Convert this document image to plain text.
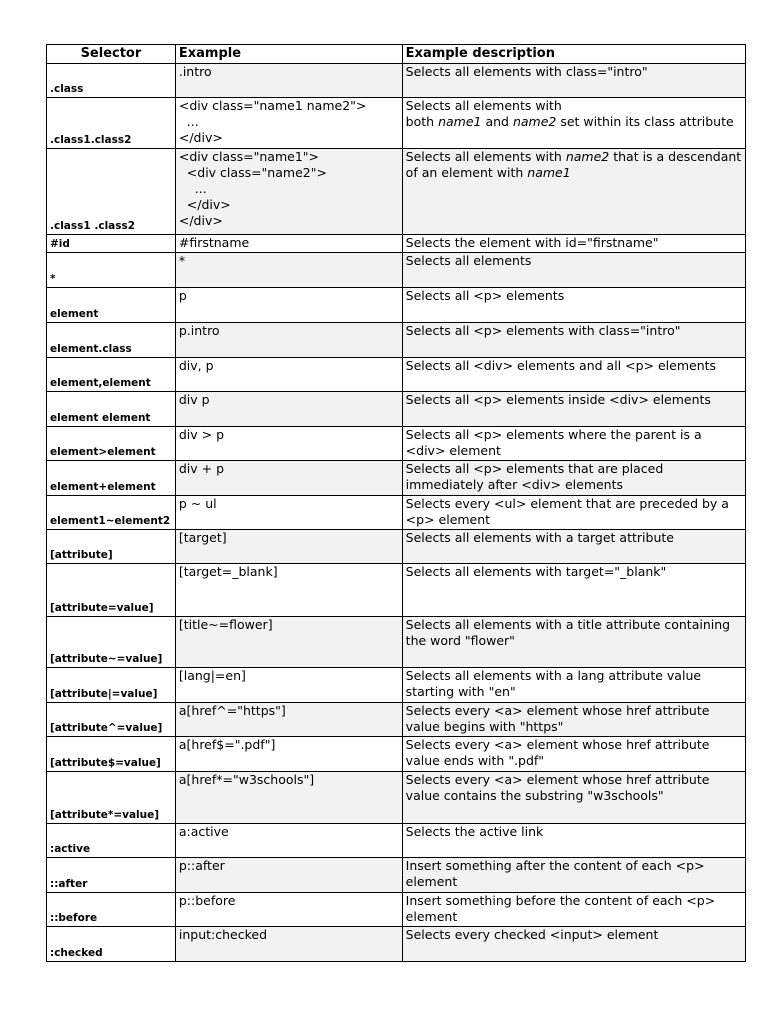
Selector	Example	Example description
.class	.intro	Selects all elements with class="intro"
.class1.class2	<div class="name1 name2">
...
</div>	Selects all elements with
both name1 and name2 set within its class attribute
.class1 .class2	<div class="name1">
<div class="name2">
...
</div>
</div>	Selects all elements with name2 that is a descendant of an element with name1
#id	#firstname	Selects the element with id="firstname"
*	*	Selects all elements
element	p	Selects all <p> elements
element.class	p.intro	Selects all <p> elements with class="intro"
element,element	div, p	Selects all <div> elements and all <p> elements
element element	div p	Selects all <p> elements inside <div> elements
element>element	div > p	Selects all <p> elements where the parent is a <div> element
element+element	div + p	Selects all <p> elements that are placed immediately after <div> elements
element1~element2	p ~ ul	Selects every <ul> element that are preceded by a <p> element
[attribute]	[target]	Selects all elements with a target attribute
[attribute=value]	[target=_blank]	Selects all elements with target="_blank"
[attribute~=value]	[title~=flower]	Selects all elements with a title attribute containing the word "flower"
[attribute|=value]	[lang|=en]	Selects all elements with a lang attribute value starting with "en"
[attribute^=value]	a[href^="https"]	Selects every <a> element whose href attribute value begins with "https"
[attribute$=value]	a[href$=".pdf"]	Selects every <a> element whose href attribute value ends with ".pdf"
[attribute*=value]	a[href*="w3schools"]	Selects every <a> element whose href attribute value contains the substring "w3schools"
:active	a:active	Selects the active link
::after	p::after	Insert something after the content of each <p> element
::before	p::before	Insert something before the content of each <p> element
:checked	input:checked	Selects every checked <input> element
